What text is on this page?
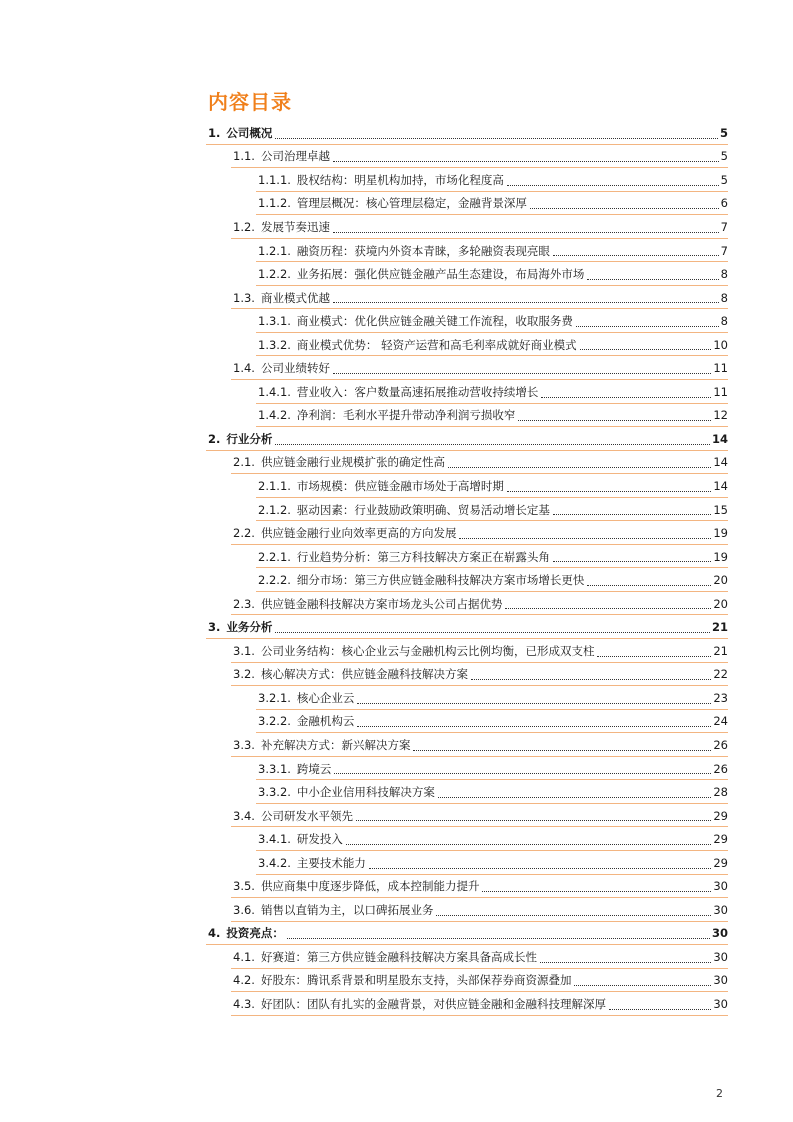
内容目录
1. 公司概况	5
1.1. 公司治理卓越	5
1.1.1. 股权结构：明星机构加持，市场化程度高	5
1.1.2. 管理层概况：核心管理层稳定，金融背景深厚	6
1.2. 发展节奏迅速	7
1.2.1. 融资历程：获境内外资本青睐，多轮融资表现亮眼	7
1.2.2. 业务拓展：强化供应链金融产品生态建设，布局海外市场	8
1.3. 商业模式优越	8
1.3.1. 商业模式：优化供应链金融关键工作流程，收取服务费	8
1.3.2. 商业模式优势： 轻资产运营和高毛利率成就好商业模式	10
1.4. 公司业绩转好	11
1.4.1. 营业收入：客户数量高速拓展推动营收持续增长	11
1.4.2. 净利润：毛利水平提升带动净利润亏损收窄	12
2. 行业分析	14
2.1. 供应链金融行业规模扩张的确定性高	14
2.1.1. 市场规模：供应链金融市场处于高增时期	14
2.1.2. 驱动因素：行业鼓励政策明确、贸易活动增长定基	15
2.2. 供应链金融行业向效率更高的方向发展	19
2.2.1. 行业趋势分析：第三方科技解决方案正在崭露头角	19
2.2.2. 细分市场：第三方供应链金融科技解决方案市场增长更快	20
2.3. 供应链金融科技解决方案市场龙头公司占据优势	20
3. 业务分析	21
3.1. 公司业务结构：核心企业云与金融机构云比例均衡，已形成双支柱	21
3.2. 核心解决方式：供应链金融科技解决方案	22
3.2.1. 核心企业云	23
3.2.2. 金融机构云	24
3.3. 补充解决方式：新兴解决方案	26
3.3.1. 跨境云	26
3.3.2. 中小企业信用科技解决方案	28
3.4. 公司研发水平领先	29
3.4.1. 研发投入	29
3.4.2. 主要技术能力	29
3.5. 供应商集中度逐步降低，成本控制能力提升	30
3.6. 销售以直销为主，以口碑拓展业务	30
4. 投资亮点：	30
4.1. 好赛道：第三方供应链金融科技解决方案具备高成长性	30
4.2. 好股东：腾讯系背景和明星股东支持，头部保荐券商资源叠加	30
4.3. 好团队：团队有扎实的金融背景，对供应链金融和金融科技理解深厚	30
2
